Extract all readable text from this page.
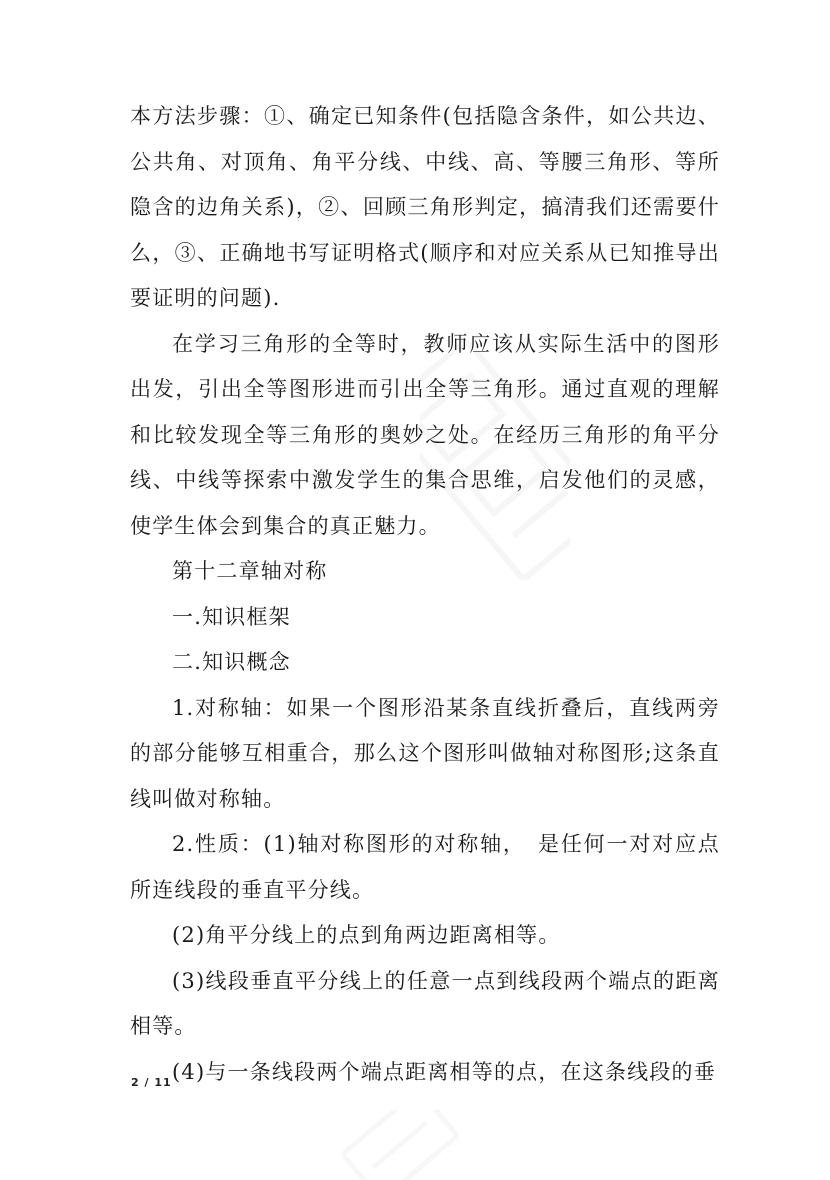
本方法步骤：①、确定已知条件(包括隐含条件，如公共边、公共角、对顶角、角平分线、中线、高、等腰三角形、等所隐含的边角关系)，②、回顾三角形判定，搞清我们还需要什么，③、正确地书写证明格式(顺序和对应关系从已知推导出要证明的问题).

在学习三角形的全等时，教师应该从实际生活中的图形出发，引出全等图形进而引出全等三角形。通过直观的理解和比较发现全等三角形的奥妙之处。在经历三角形的角平分线、中线等探索中激发学生的集合思维，启发他们的灵感，使学生体会到集合的真正魅力。

第十二章轴对称

一.知识框架

二.知识概念

1.对称轴：如果一个图形沿某条直线折叠后，直线两旁的部分能够互相重合，那么这个图形叫做轴对称图形;这条直线叫做对称轴。

2.性质：(1)轴对称图形的对称轴，　是任何一对对应点所连线段的垂直平分线。

(2)角平分线上的点到角两边距离相等。

(3)线段垂直平分线上的任意一点到线段两个端点的距离相等。

(4)与一条线段两个端点距离相等的点，在这条线段的垂

2 / 11
